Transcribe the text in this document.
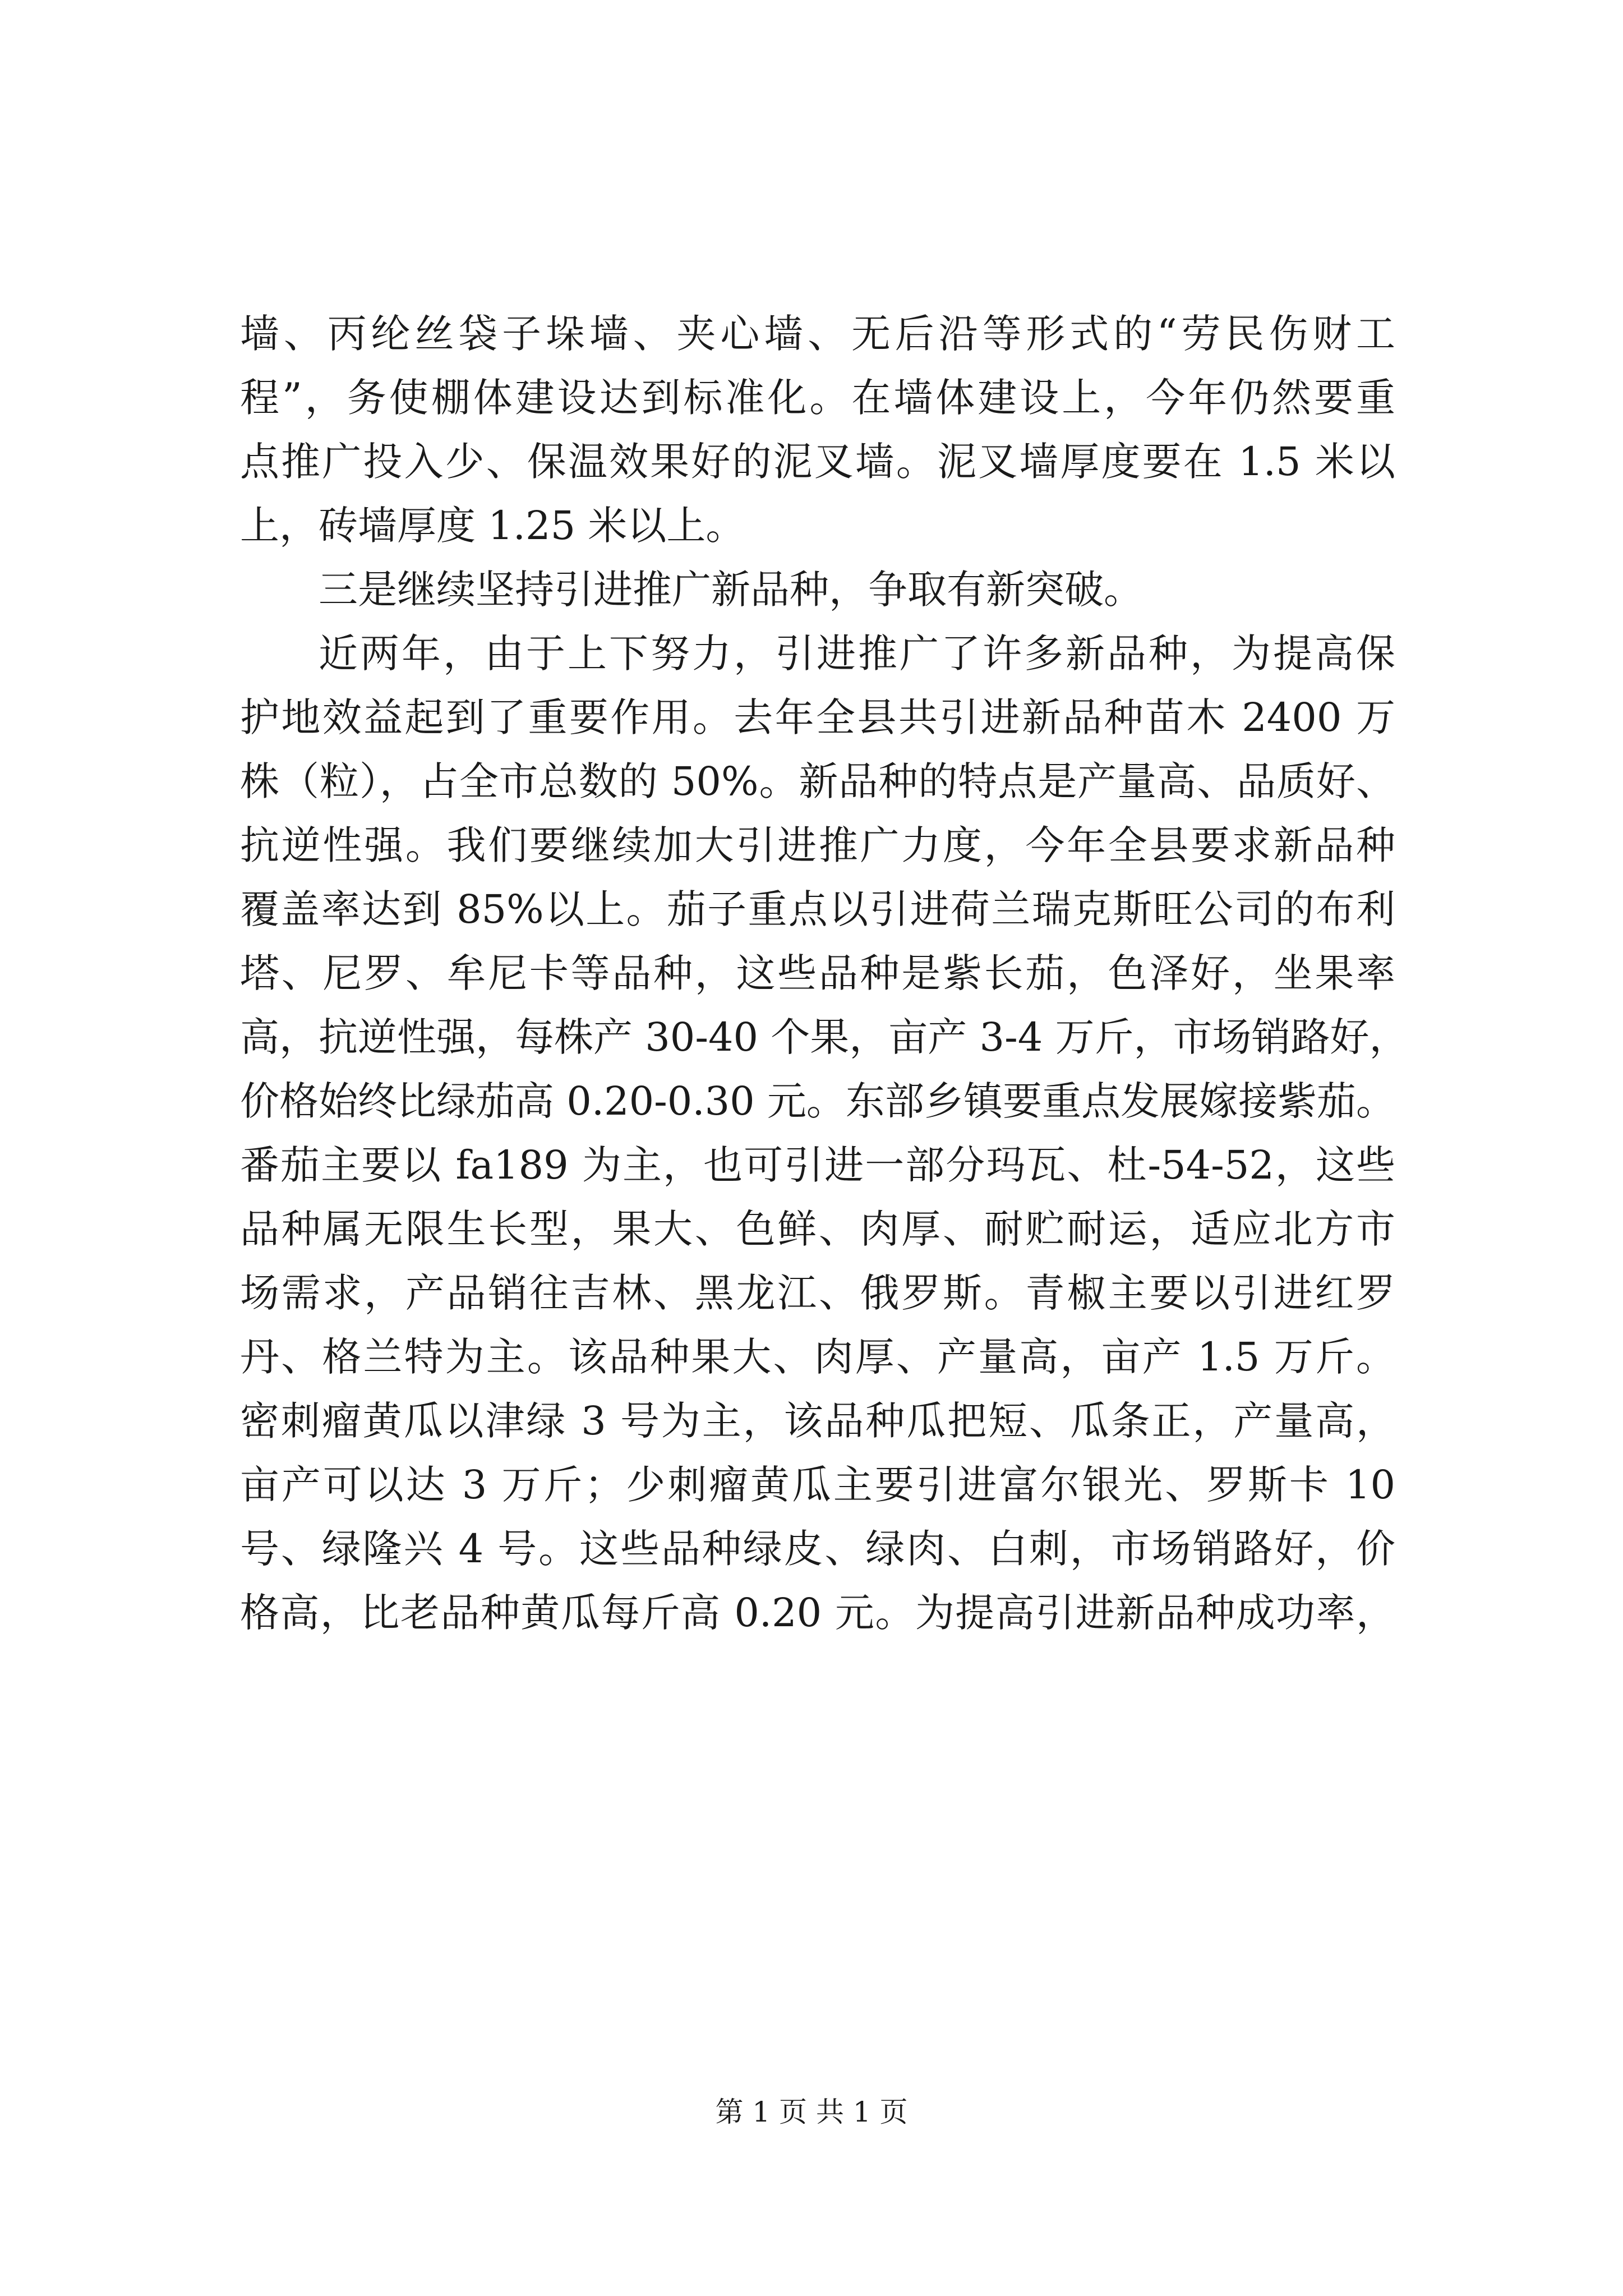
墙、丙纶丝袋子垛墙、夹心墙、无后沿等形式的“劳民伤财工
程”，务使棚体建设达到标准化。在墙体建设上，今年仍然要重
点推广投入少、保温效果好的泥叉墙。泥叉墙厚度要在 1.5 米以
上，砖墙厚度 1.25 米以上。
三是继续坚持引进推广新品种，争取有新突破。
近两年，由于上下努力，引进推广了许多新品种，为提高保
护地效益起到了重要作用。去年全县共引进新品种苗木 2400 万
株（粒），占全市总数的 50%。新品种的特点是产量高、品质好、
抗逆性强。我们要继续加大引进推广力度，今年全县要求新品种
覆盖率达到 85%以上。茄子重点以引进荷兰瑞克斯旺公司的布利
塔、尼罗、牟尼卡等品种，这些品种是紫长茄，色泽好，坐果率
高，抗逆性强，每株产 30-40 个果，亩产 3-4 万斤，市场销路好，
价格始终比绿茄高 0.20-0.30 元。东部乡镇要重点发展嫁接紫茄。
番茄主要以 fa189 为主，也可引进一部分玛瓦、杜-54-52，这些
品种属无限生长型，果大、色鲜、肉厚、耐贮耐运，适应北方市
场需求，产品销往吉林、黑龙江、俄罗斯。青椒主要以引进红罗
丹、格兰特为主。该品种果大、肉厚、产量高，亩产 1.5 万斤。
密刺瘤黄瓜以津绿 3 号为主，该品种瓜把短、瓜条正，产量高，
亩产可以达 3 万斤；少刺瘤黄瓜主要引进富尔银光、罗斯卡 10
号、绿隆兴 4 号。这些品种绿皮、绿肉、白刺，市场销路好，价
格高，比老品种黄瓜每斤高 0.20 元。为提高引进新品种成功率，
第 1 页 共 1 页
